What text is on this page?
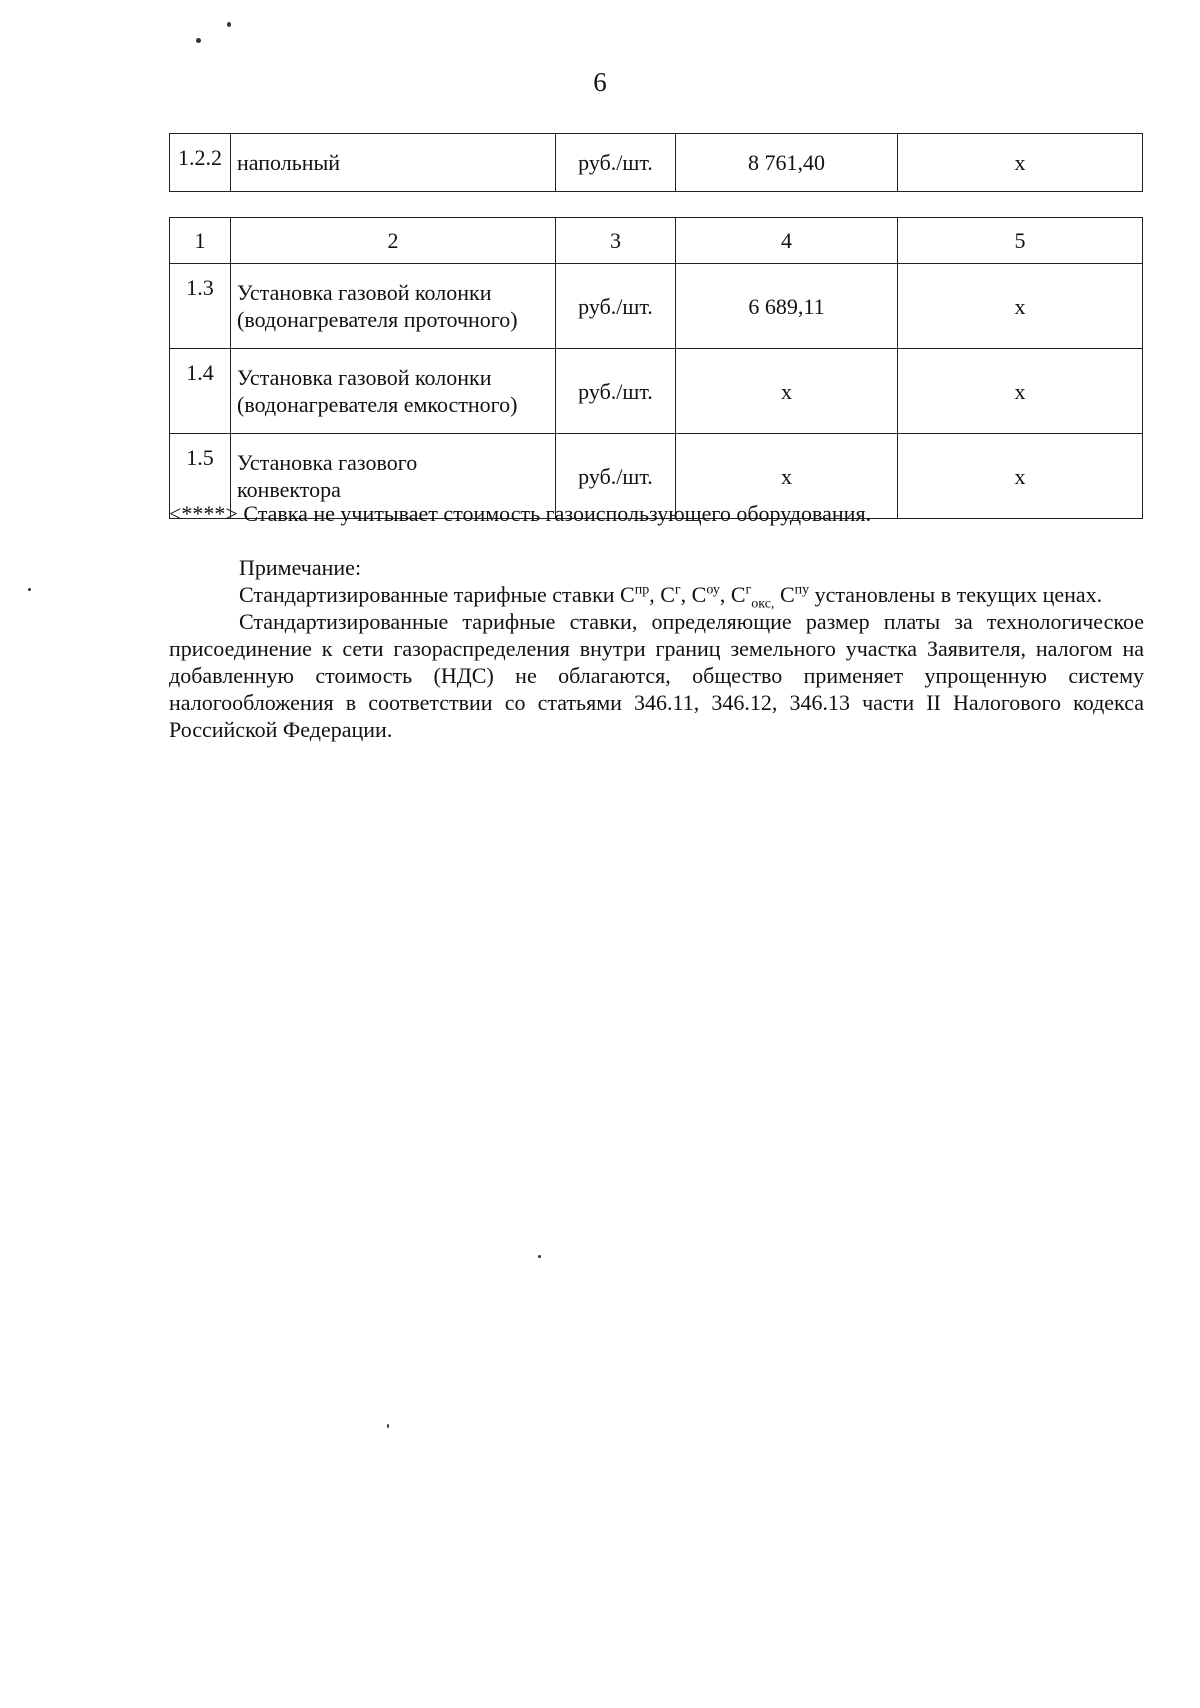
6
1.2.2	напольный	руб./шт.	8 761,40	x
1	2	3	4	5
1.3	Установка газовой колонки
(водонагревателя проточного)	руб./шт.	6 689,11	x
1.4	Установка газовой колонки
(водонагревателя емкостного)	руб./шт.	x	x
1.5	Установка газового
конвектора	руб./шт.	x	x
<****> Ставка не учитывает стоимость газоиспользующего оборудования.

Примечание:

Стандартизированные тарифные ставки $С^{пр}$, $С^г$, $С^{оу}$, $С^г_{окс,}$ $С^{пу}$ установлены в текущих ценах.

Стандартизированные тарифные ставки, определяющие размер платы за технологическое присоединение к сети газораспределения внутри границ земельного участка Заявителя, налогом на добавленную стоимость (НДС) не облагаются, общество применяет упрощенную систему налогообложения в соответствии со статьями 346.11, 346.12, 346.13 части II Налогового кодекса Российской Федерации.
